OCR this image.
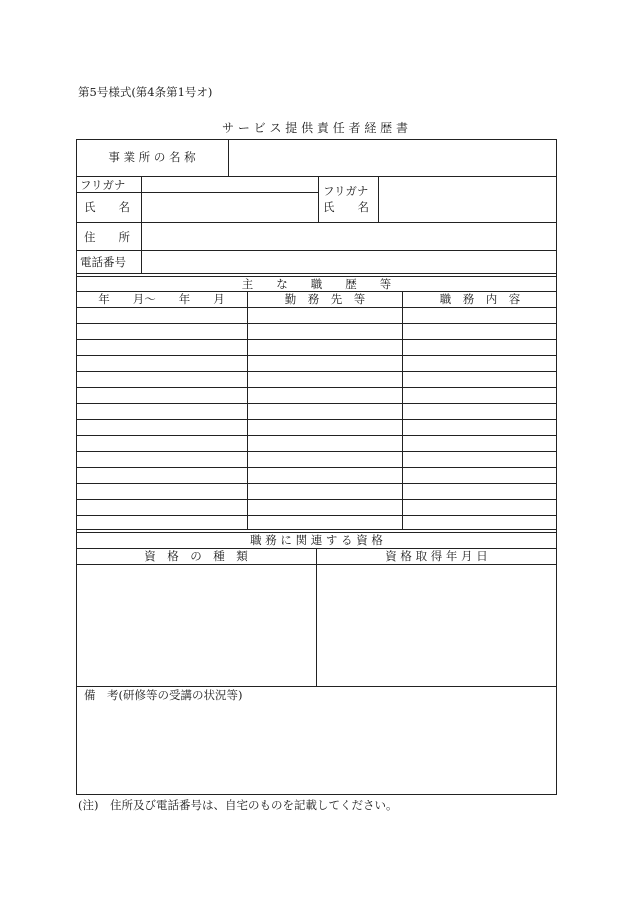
第5号様式(第4条第1号オ)
サ ー ビ ス 提 供 責 任 者 経 歴 書
事 業 所 の 名 称
フリガナ
氏　　名
フリガナ
氏　　名
住　　所
電話番号
主　　な　　職　　歴　　等
年　　月～　　年　　月	勤　務　先　等	職　務　内　容
職 務 に 関 連 す る 資 格
資　格　の　種　類	資 格 取 得 年 月 日
備　考(研修等の受講の状況等)
(注)　住所及び電話番号は、自宅のものを記載してください。
